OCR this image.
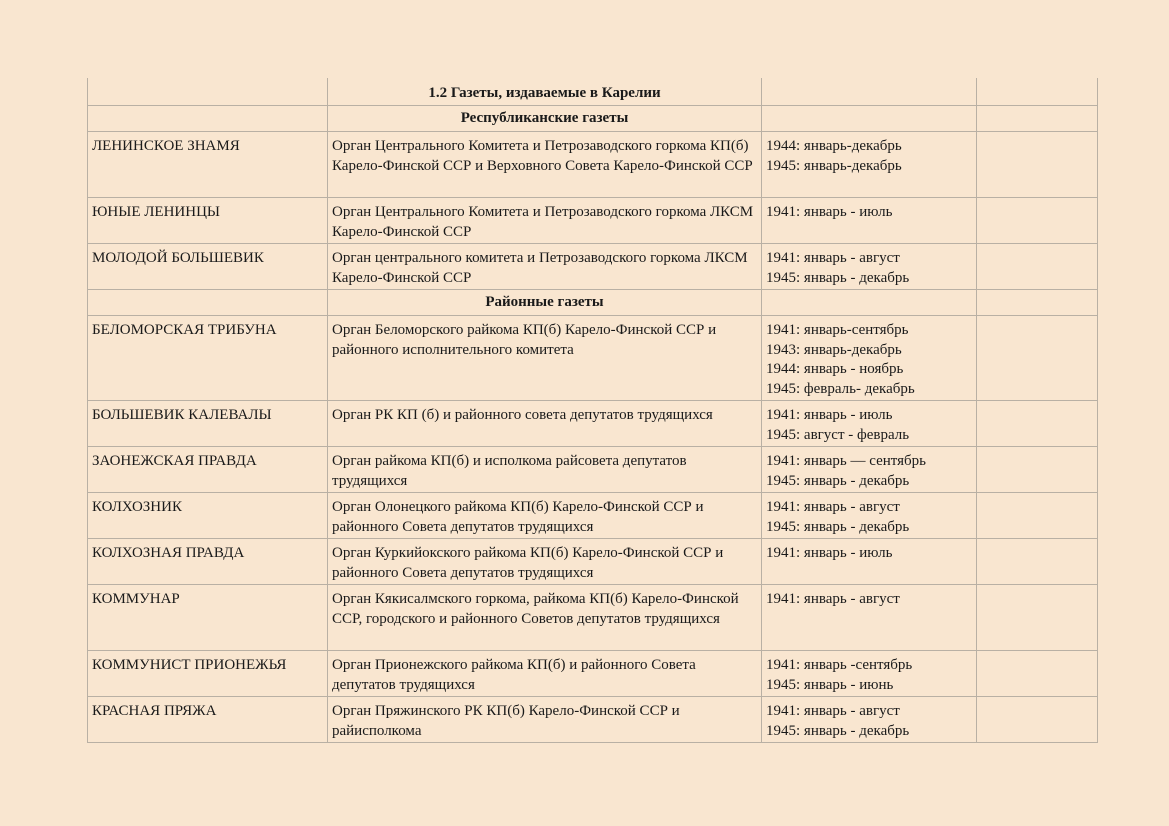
	1.2 Газеты, издаваемые в Карелии		
	Республиканские газеты		
ЛЕНИНСКОЕ ЗНАМЯ	Орган Центрального Комитета и Петрозаводского горкома КП(б) Карело-Финской ССР и Верховного Совета Карело-Финской ССР	1944: январь-декабрь
1945: январь-декабрь	

ЮНЫЕ ЛЕНИНЦЫ	Орган Центрального Комитета и Петрозаводского горкома ЛКСМ Карело-Финской ССР	1941: январь - июль	

МОЛОДОЙ БОЛЬШЕВИК	Орган центрального комитета и Петрозаводского горкома ЛКСМ Карело-Финской ССР	1941: январь - август
1945: январь - декабрь	

	Районные газеты		
БЕЛОМОРСКАЯ ТРИБУНА	Орган Беломорского райкома КП(б) Карело-Финской ССР и районного исполнительного комитета	1941: январь-сентябрь
1943: январь-декабрь
1944: январь - ноябрь
1945: февраль- декабрь	

БОЛЬШЕВИК КАЛЕВАЛЫ	Орган РК КП (б) и районного совета депутатов трудящихся	1941: январь - июль
1945: август - февраль	

ЗАОНЕЖСКАЯ ПРАВДА	Орган райкома КП(б) и исполкома райсовета депутатов трудящихся	1941: январь — сентябрь
1945: январь - декабрь	

КОЛХОЗНИК	Орган Олонецкого райкома КП(б) Карело-Финской ССР и районного Совета депутатов трудящихся	1941: январь - август
1945: январь - декабрь	

КОЛХОЗНАЯ ПРАВДА	Орган Куркийокского райкома КП(б) Карело-Финской ССР и районного Совета депутатов трудящихся	1941: январь - июль	

КОММУНАР	Орган Кякисалмского горкома, райкома КП(б) Карело-Финской ССР, городского и районного Советов депутатов трудящихся	1941: январь - август	

КОММУНИСТ ПРИОНЕЖЬЯ	Орган Прионежского райкома КП(б) и районного Совета депутатов трудящихся	1941: январь -сентябрь
1945: январь - июнь	

КРАСНАЯ ПРЯЖА	Орган Пряжинского РК КП(б) Карело-Финской ССР и райисполкома	1941: январь - август
1945: январь - декабрь	
